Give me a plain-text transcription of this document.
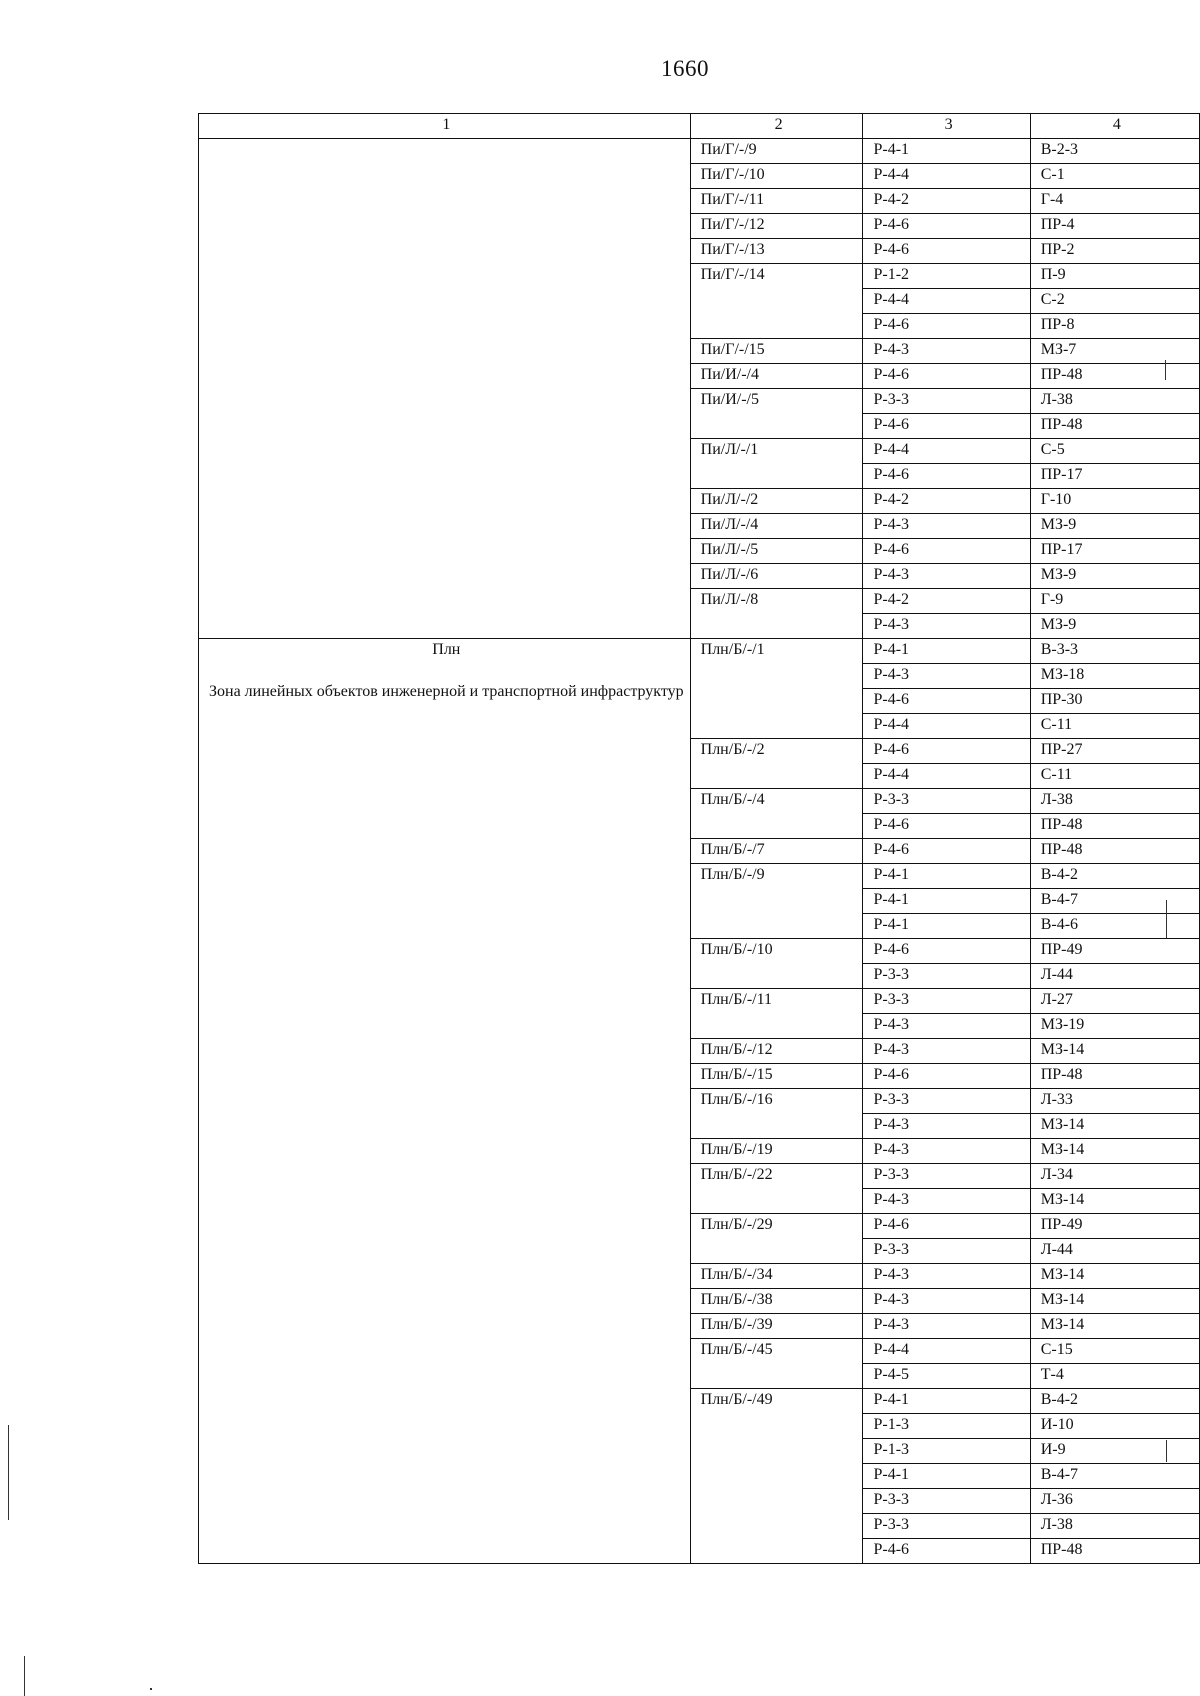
1660
1	2	3	4

	Пи/Г/-/9	Р-4-1	В-2-3
	Пи/Г/-/10	Р-4-4	С-1
	Пи/Г/-/11	Р-4-2	Г-4
	Пи/Г/-/12	Р-4-6	ПР-4
	Пи/Г/-/13	Р-4-6	ПР-2
	Пи/Г/-/14	Р-1-2	П-9
		Р-4-4	С-2
		Р-4-6	ПР-8
	Пи/Г/-/15	Р-4-3	МЗ-7
	Пи/И/-/4	Р-4-6	ПР-48
	Пи/И/-/5	Р-3-3	Л-38
		Р-4-6	ПР-48
	Пи/Л/-/1	Р-4-4	С-5
		Р-4-6	ПР-17
	Пи/Л/-/2	Р-4-2	Г-10
	Пи/Л/-/4	Р-4-3	МЗ-9
	Пи/Л/-/5	Р-4-6	ПР-17
	Пи/Л/-/6	Р-4-3	МЗ-9
	Пи/Л/-/8	Р-4-2	Г-9
		Р-4-3	МЗ-9

Плн
Зона линейных объектов инженерной и транспортной инфраструктур	Плн/Б/-/1	Р-4-1	В-3-3
		Р-4-3	МЗ-18
		Р-4-6	ПР-30
		Р-4-4	С-11
	Плн/Б/-/2	Р-4-6	ПР-27
		Р-4-4	С-11
	Плн/Б/-/4	Р-3-3	Л-38
		Р-4-6	ПР-48
	Плн/Б/-/7	Р-4-6	ПР-48
	Плн/Б/-/9	Р-4-1	В-4-2
		Р-4-1	В-4-7
		Р-4-1	В-4-6
	Плн/Б/-/10	Р-4-6	ПР-49
		Р-3-3	Л-44
	Плн/Б/-/11	Р-3-3	Л-27
		Р-4-3	МЗ-19
	Плн/Б/-/12	Р-4-3	МЗ-14
	Плн/Б/-/15	Р-4-6	ПР-48
	Плн/Б/-/16	Р-3-3	Л-33
		Р-4-3	МЗ-14
	Плн/Б/-/19	Р-4-3	МЗ-14
	Плн/Б/-/22	Р-3-3	Л-34
		Р-4-3	МЗ-14
	Плн/Б/-/29	Р-4-6	ПР-49
		Р-3-3	Л-44
	Плн/Б/-/34	Р-4-3	МЗ-14
	Плн/Б/-/38	Р-4-3	МЗ-14
	Плн/Б/-/39	Р-4-3	МЗ-14
	Плн/Б/-/45	Р-4-4	С-15
		Р-4-5	Т-4
	Плн/Б/-/49	Р-4-1	В-4-2
		Р-1-3	И-10
		Р-1-3	И-9
		Р-4-1	В-4-7
		Р-3-3	Л-36
		Р-3-3	Л-38
		Р-4-6	ПР-48
